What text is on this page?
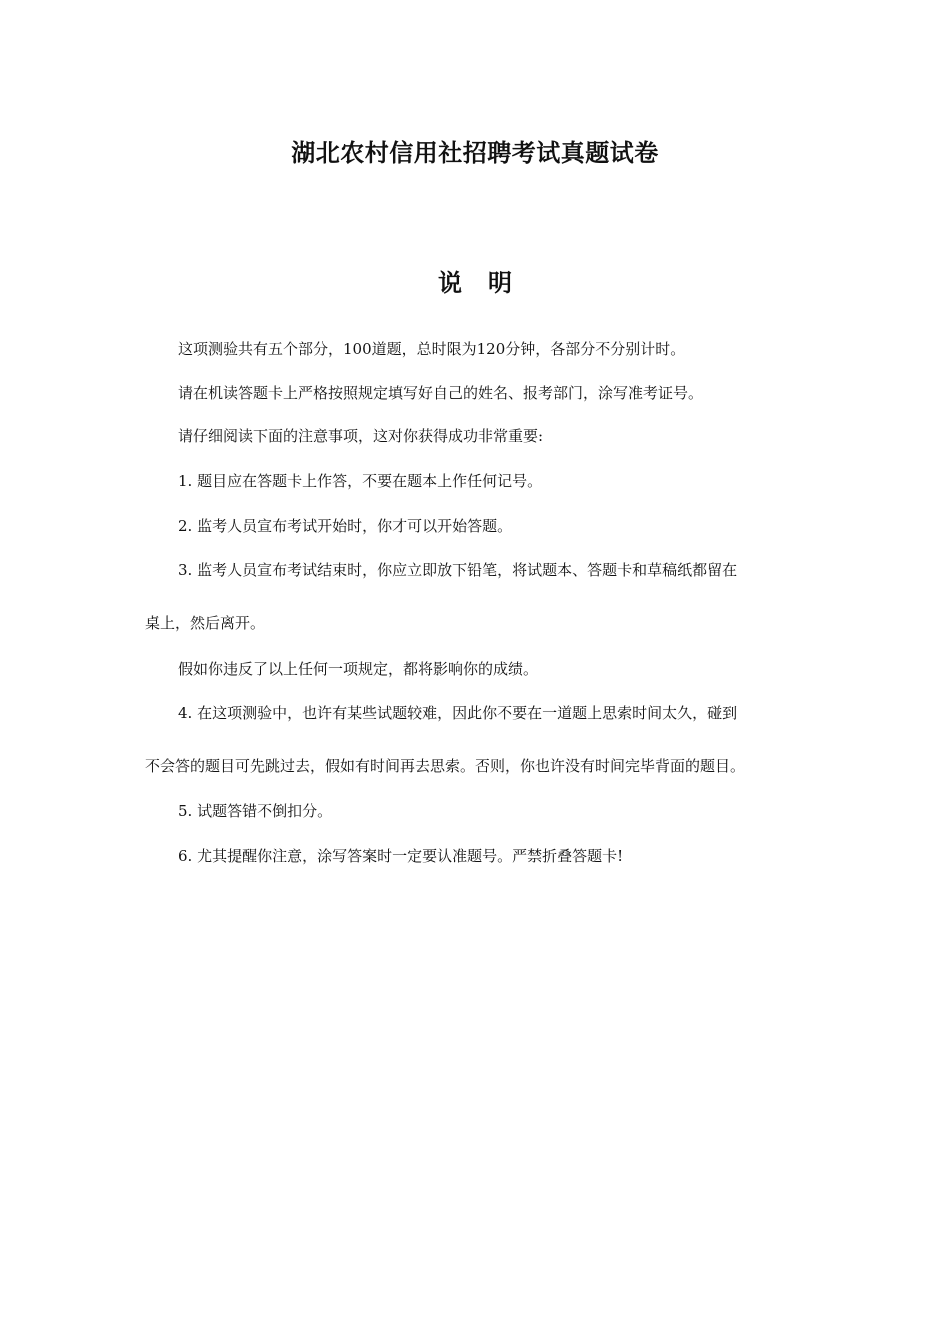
湖北农村信用社招聘考试真题试卷
说明

这项测验共有五个部分，100道题，总时限为120分钟，各部分不分别计时。

请在机读答题卡上严格按照规定填写好自己的姓名、报考部门，涂写准考证号。

请仔细阅读下面的注意事项，这对你获得成功非常重要:

1. 题目应在答题卡上作答，不要在题本上作任何记号。

2. 监考人员宣布考试开始时，你才可以开始答题。

3. 监考人员宣布考试结束时，你应立即放下铅笔，将试题本、答题卡和草稿纸都留在

桌上，然后离开。

假如你违反了以上任何一项规定，都将影响你的成绩。

4. 在这项测验中，也许有某些试题较难，因此你不要在一道题上思索时间太久，碰到

不会答的题目可先跳过去，假如有时间再去思索。否则，你也许没有时间完毕背面的题目。

5. 试题答错不倒扣分。

6. 尤其提醒你注意，涂写答案时一定要认准题号。严禁折叠答题卡!
